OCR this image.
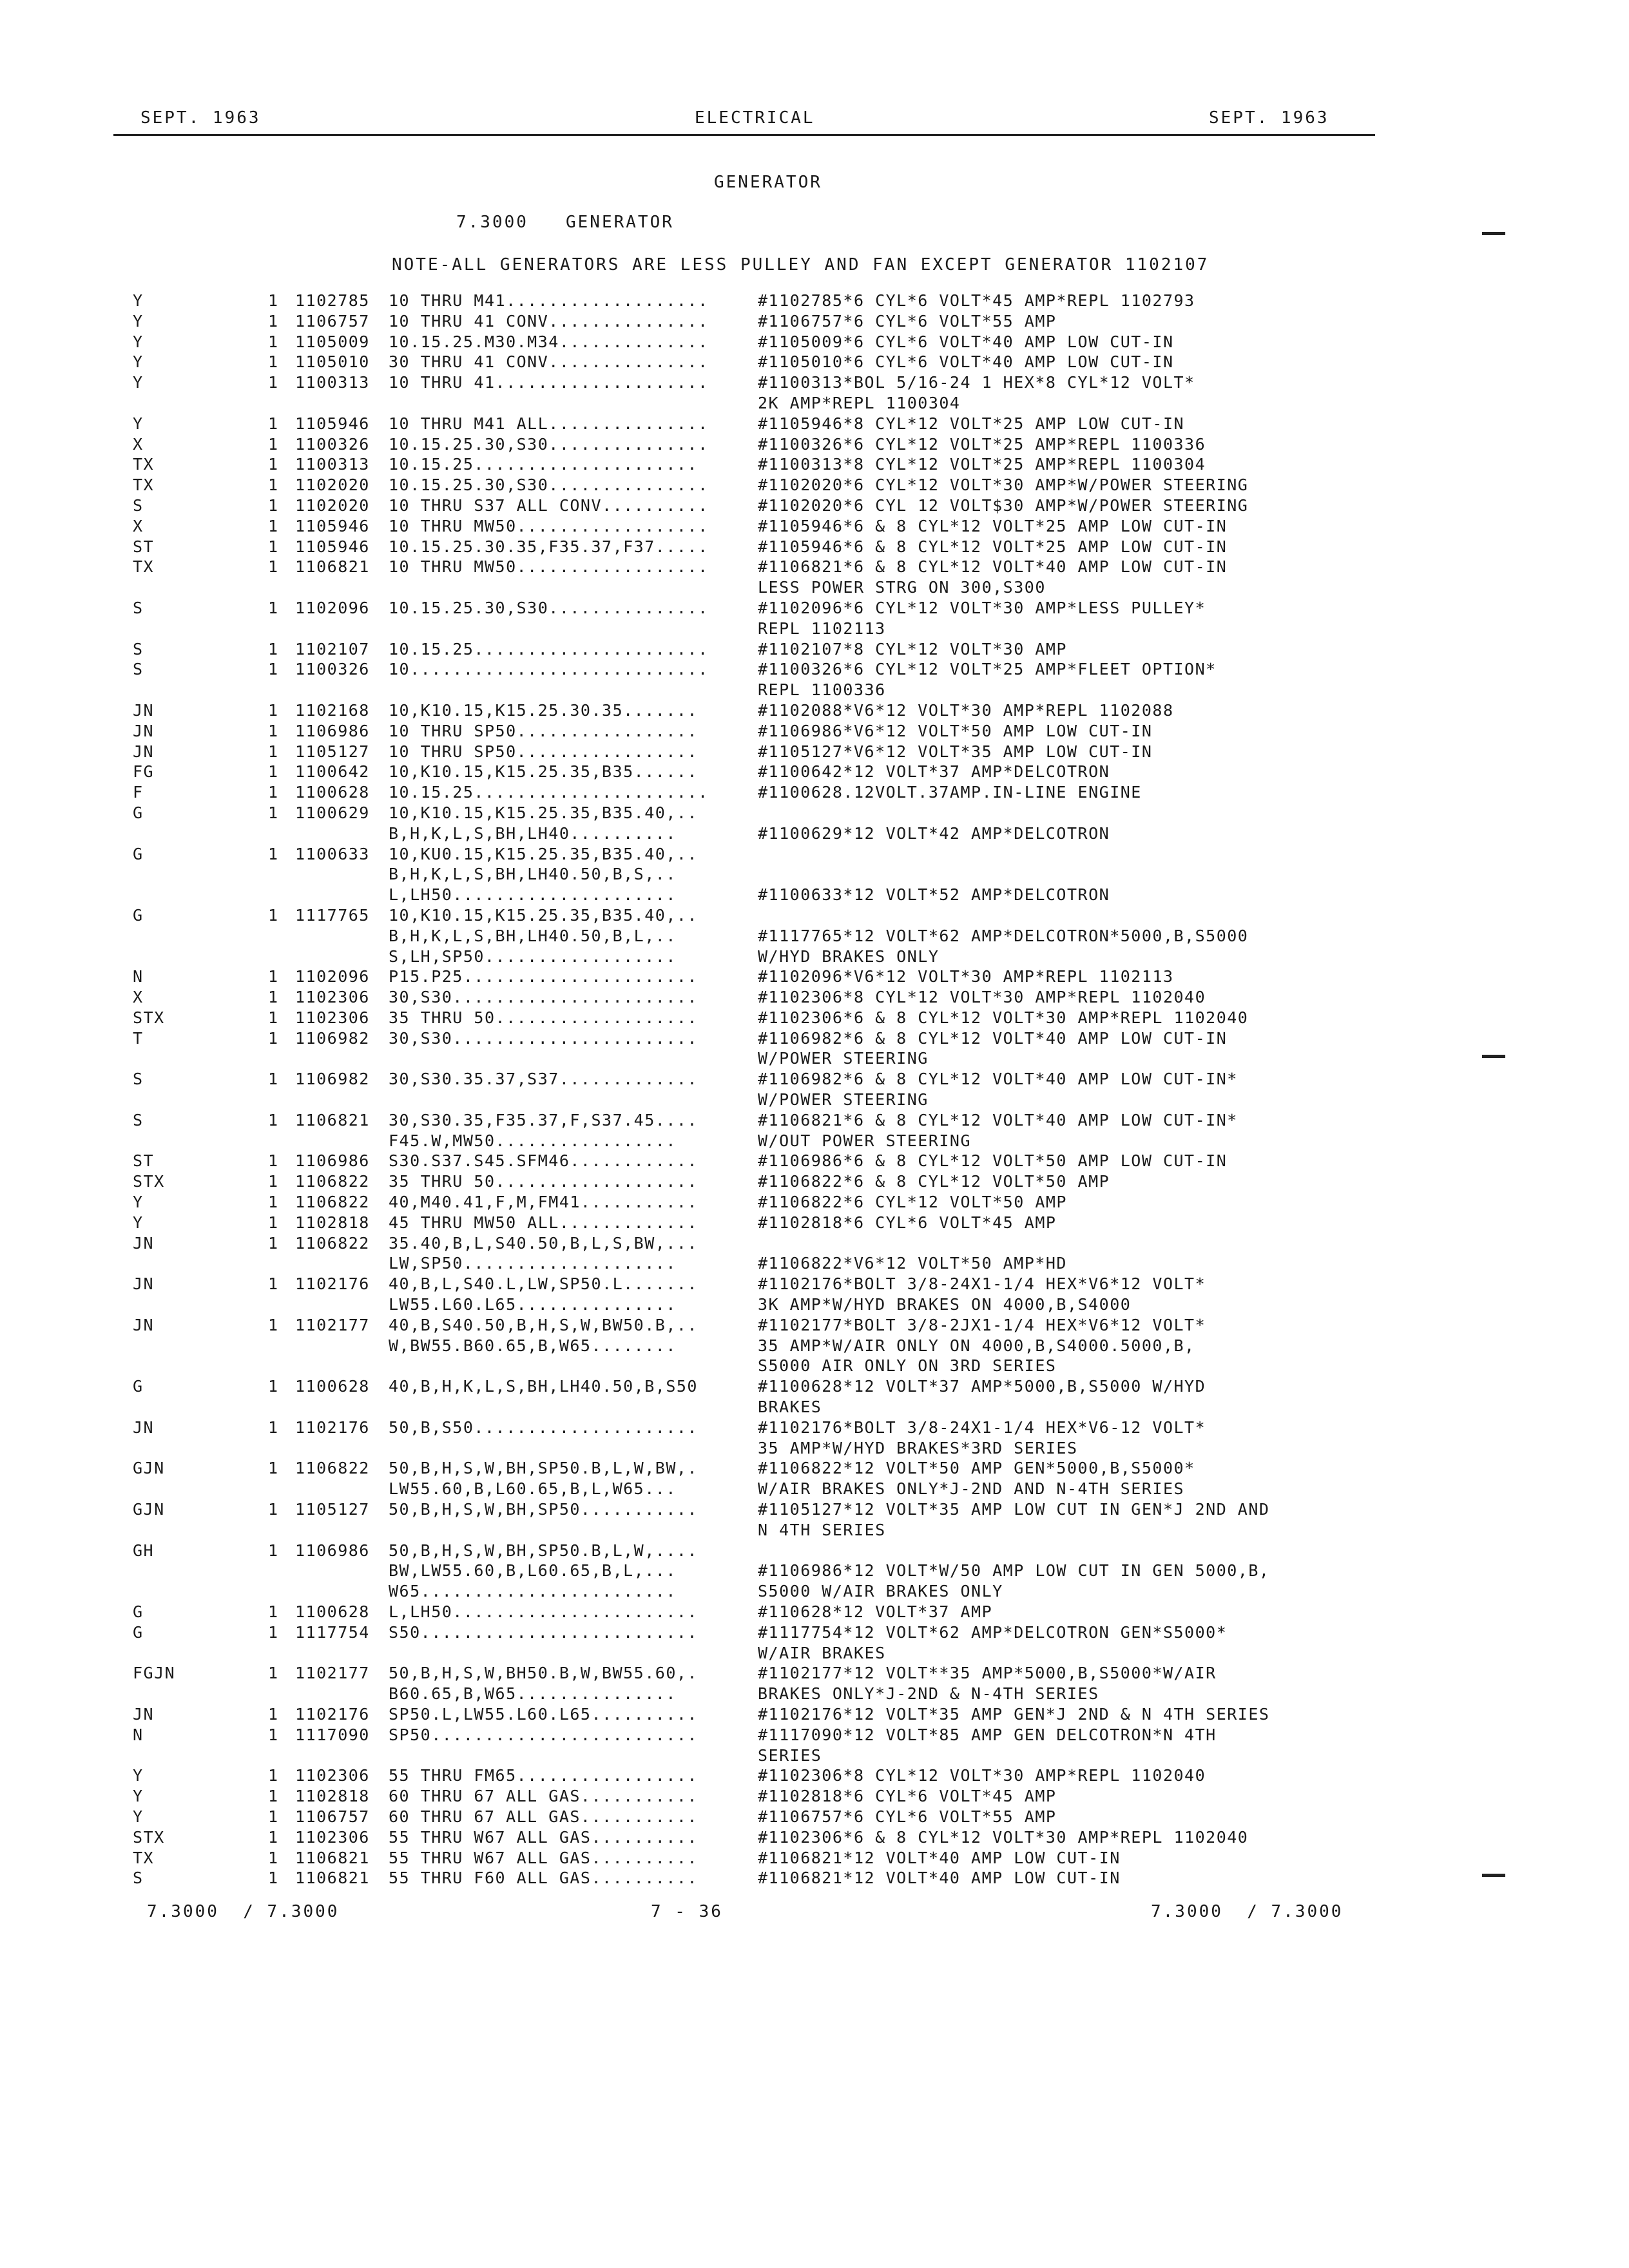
SEPT. 1963	ELECTRICAL	SEPT. 1963
GENERATOR
7.3000 GENERATOR
NOTE-ALL GENERATORS ARE LESS PULLEY AND FAN EXCEPT GENERATOR 1102107
Y	1 1102785 10 THRU M41...................	#1102785*6 CYL*6 VOLT*45 AMP*REPL 1102793
Y	1 1106757 10 THRU 41 CONV...............	#1106757*6 CYL*6 VOLT*55 AMP
Y	1 1105009 10.15.25.M30.M34..............	#1105009*6 CYL*6 VOLT*40 AMP LOW CUT-IN
Y	1 1105010 30 THRU 41 CONV...............	#1105010*6 CYL*6 VOLT*40 AMP LOW CUT-IN
Y	1 1100313 10 THRU 41....................	#1100313*BOL 5/16-24 1 HEX*8 CYL*12 VOLT*
2K AMP*REPL 1100304
Y	1 1105946 10 THRU M41 ALL...............	#1105946*8 CYL*12 VOLT*25 AMP LOW CUT-IN
X	1 1100326 10.15.25.30,S30...............	#1100326*6 CYL*12 VOLT*25 AMP*REPL 1100336
TX	1 1100313 10.15.25.....................	#1100313*8 CYL*12 VOLT*25 AMP*REPL 1100304
TX	1 1102020 10.15.25.30,S30...............	#1102020*6 CYL*12 VOLT*30 AMP*W/POWER STEERING
S	1 1102020 10 THRU S37 ALL CONV..........	#1102020*6 CYL 12 VOLT$30 AMP*W/POWER STEERING
X	1 1105946 10 THRU MW50..................	#1105946*6 & 8 CYL*12 VOLT*25 AMP LOW CUT-IN
ST	1 1105946 10.15.25.30.35,F35.37,F37.....	#1105946*6 & 8 CYL*12 VOLT*25 AMP LOW CUT-IN
TX	1 1106821 10 THRU MW50..................	#1106821*6 & 8 CYL*12 VOLT*40 AMP LOW CUT-IN
LESS POWER STRG ON 300,S300
S	1 1102096 10.15.25.30,S30...............	#1102096*6 CYL*12 VOLT*30 AMP*LESS PULLEY*
REPL 1102113
S	1 1102107 10.15.25......................	#1102107*8 CYL*12 VOLT*30 AMP
S	1 1100326 10............................	#1100326*6 CYL*12 VOLT*25 AMP*FLEET OPTION*
REPL 1100336
JN	1 1102168 10,K10.15,K15.25.30.35.......	#1102088*V6*12 VOLT*30 AMP*REPL 1102088
JN	1 1106986 10 THRU SP50.................	#1106986*V6*12 VOLT*50 AMP LOW CUT-IN
JN	1 1105127 10 THRU SP50.................	#1105127*V6*12 VOLT*35 AMP LOW CUT-IN
FG	1 1100642 10,K10.15,K15.25.35,B35......	#1100642*12 VOLT*37 AMP*DELCOTRON
F	1 1100628 10.15.25......................	#1100628.12VOLT.37AMP.IN-LINE ENGINE
G	1 1100629 10,K10.15,K15.25.35,B35.40,..
B,H,K,L,S,BH,LH40..........	#1100629*12 VOLT*42 AMP*DELCOTRON
G	1 1100633 10,KU0.15,K15.25.35,B35.40,..
B,H,K,L,S,BH,LH40.50,B,S,..
L,LH50.....................	#1100633*12 VOLT*52 AMP*DELCOTRON
G	1 1117765 10,K10.15,K15.25.35,B35.40,..
B,H,K,L,S,BH,LH40.50,B,L,..	#1117765*12 VOLT*62 AMP*DELCOTRON*5000,B,S5000
S,LH,SP50..................	W/HYD BRAKES ONLY
N	1 1102096 P15.P25......................	#1102096*V6*12 VOLT*30 AMP*REPL 1102113
X	1 1102306 30,S30.......................	#1102306*8 CYL*12 VOLT*30 AMP*REPL 1102040
STX	1 1102306 35 THRU 50...................	#1102306*6 & 8 CYL*12 VOLT*30 AMP*REPL 1102040
T	1 1106982 30,S30.......................	#1106982*6 & 8 CYL*12 VOLT*40 AMP LOW CUT-IN
W/POWER STEERING
S	1 1106982 30,S30.35.37,S37.............	#1106982*6 & 8 CYL*12 VOLT*40 AMP LOW CUT-IN*
W/POWER STEERING
S	1 1106821 30,S30.35,F35.37,F,S37.45....	#1106821*6 & 8 CYL*12 VOLT*40 AMP LOW CUT-IN*
F45.W,MW50.................	W/OUT POWER STEERING
ST	1 1106986 S30.S37.S45.SFM46............	#1106986*6 & 8 CYL*12 VOLT*50 AMP LOW CUT-IN
STX	1 1106822 35 THRU 50...................	#1106822*6 & 8 CYL*12 VOLT*50 AMP
Y	1 1106822 40,M40.41,F,M,FM41...........	#1106822*6 CYL*12 VOLT*50 AMP
Y	1 1102818 45 THRU MW50 ALL.............	#1102818*6 CYL*6 VOLT*45 AMP
JN	1 1106822 35.40,B,L,S40.50,B,L,S,BW,...
LW,SP50....................	#1106822*V6*12 VOLT*50 AMP*HD
JN	1 1102176 40,B,L,S40.L,LW,SP50.L.......	#1102176*BOLT 3/8-24X1-1/4 HEX*V6*12 VOLT*
LW55.L60.L65...............	3K AMP*W/HYD BRAKES ON 4000,B,S4000
JN	1 1102177 40,B,S40.50,B,H,S,W,BW50.B,..	#1102177*BOLT 3/8-2JX1-1/4 HEX*V6*12 VOLT*
W,BW55.B60.65,B,W65........	35 AMP*W/AIR ONLY ON 4000,B,S4000.5000,B,
S5000 AIR ONLY ON 3RD SERIES
G	1 1100628 40,B,H,K,L,S,BH,LH40.50,B,S50	#1100628*12 VOLT*37 AMP*5000,B,S5000 W/HYD
BRAKES
JN	1 1102176 50,B,S50.....................	#1102176*BOLT 3/8-24X1-1/4 HEX*V6-12 VOLT*
35 AMP*W/HYD BRAKES*3RD SERIES
GJN	1 1106822 50,B,H,S,W,BH,SP50.B,L,W,BW,.	#1106822*12 VOLT*50 AMP GEN*5000,B,S5000*
LW55.60,B,L60.65,B,L,W65...	W/AIR BRAKES ONLY*J-2ND AND N-4TH SERIES
GJN	1 1105127 50,B,H,S,W,BH,SP50...........	#1105127*12 VOLT*35 AMP LOW CUT IN GEN*J 2ND AND
N 4TH SERIES
GH	1 1106986 50,B,H,S,W,BH,SP50.B,L,W,....
BW,LW55.60,B,L60.65,B,L,...	#1106986*12 VOLT*W/50 AMP LOW CUT IN GEN 5000,B,
W65........................	S5000 W/AIR BRAKES ONLY
G	1 1100628 L,LH50.......................	#110628*12 VOLT*37 AMP
G	1 1117754 S50..........................	#1117754*12 VOLT*62 AMP*DELCOTRON GEN*S5000*
W/AIR BRAKES
FGJN	1 1102177 50,B,H,S,W,BH50.B,W,BW55.60,.	#1102177*12 VOLT**35 AMP*5000,B,S5000*W/AIR
B60.65,B,W65...............	BRAKES ONLY*J-2ND & N-4TH SERIES
JN	1 1102176 SP50.L,LW55.L60.L65..........	#1102176*12 VOLT*35 AMP GEN*J 2ND & N 4TH SERIES
N	1 1117090 SP50.........................	#1117090*12 VOLT*85 AMP GEN DELCOTRON*N 4TH
SERIES
Y	1 1102306 55 THRU FM65.................	#1102306*8 CYL*12 VOLT*30 AMP*REPL 1102040
Y	1 1102818 60 THRU 67 ALL GAS...........	#1102818*6 CYL*6 VOLT*45 AMP
Y	1 1106757 60 THRU 67 ALL GAS...........	#1106757*6 CYL*6 VOLT*55 AMP
STX	1 1102306 55 THRU W67 ALL GAS..........	#1102306*6 & 8 CYL*12 VOLT*30 AMP*REPL 1102040
TX	1 1106821 55 THRU W67 ALL GAS..........	#1106821*12 VOLT*40 AMP LOW CUT-IN
S	1 1106821 55 THRU F60 ALL GAS..........	#1106821*12 VOLT*40 AMP LOW CUT-IN
7.3000  / 7.3000	7 - 36	7.3000  / 7.3000
